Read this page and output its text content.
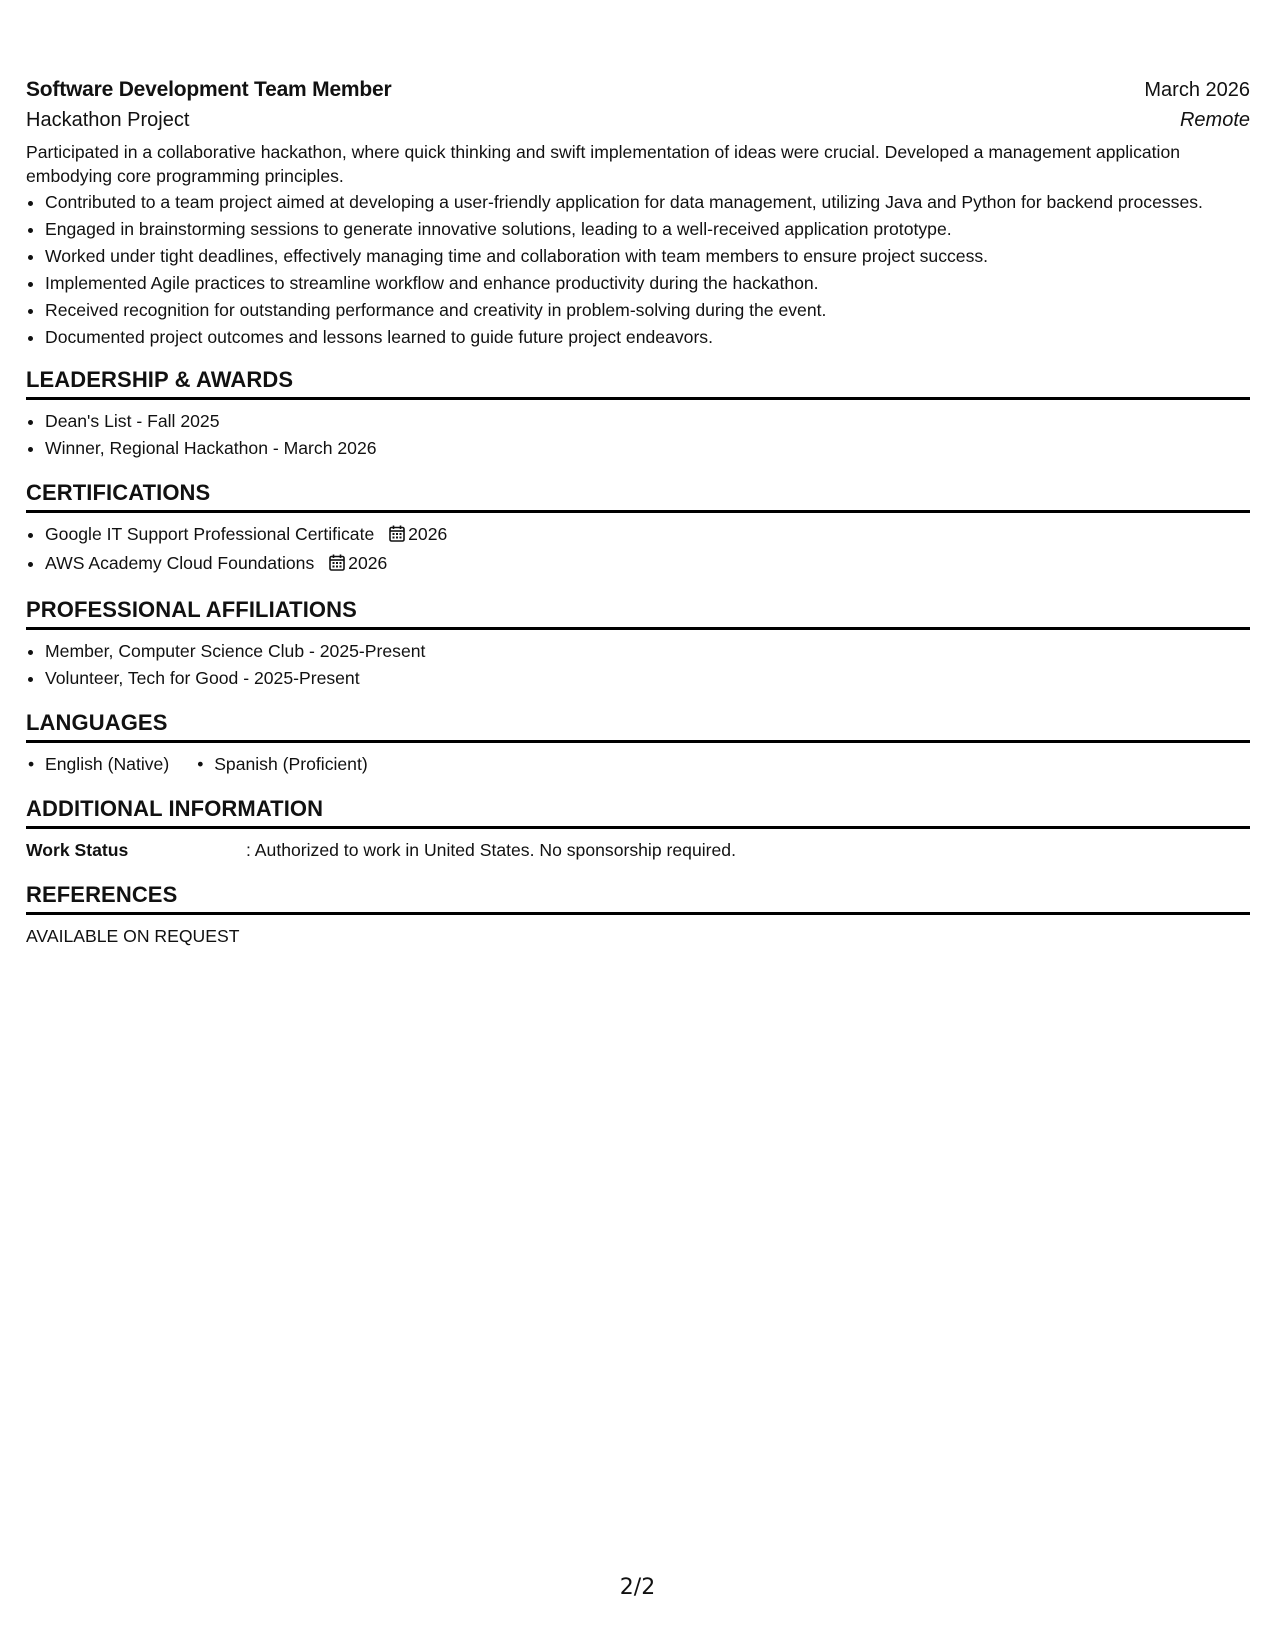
Software Development Team Member	March 2026
Hackathon Project	Remote
Participated in a collaborative hackathon, where quick thinking and swift implementation of ideas were crucial. Developed a management application embodying core programming principles.
• Contributed to a team project aimed at developing a user-friendly application for data management, utilizing Java and Python for backend processes.
• Engaged in brainstorming sessions to generate innovative solutions, leading to a well-received application prototype.
• Worked under tight deadlines, effectively managing time and collaboration with team members to ensure project success.
• Implemented Agile practices to streamline workflow and enhance productivity during the hackathon.
• Received recognition for outstanding performance and creativity in problem-solving during the event.
• Documented project outcomes and lessons learned to guide future project endeavors.
LEADERSHIP & AWARDS
• Dean's List - Fall 2025
• Winner, Regional Hackathon - March 2026
CERTIFICATIONS
• Google IT Support Professional Certificate 2026
• AWS Academy Cloud Foundations 2026
PROFESSIONAL AFFILIATIONS
• Member, Computer Science Club - 2025-Present
• Volunteer, Tech for Good - 2025-Present
LANGUAGES
• English (Native)
•	Spanish (Proficient)
ADDITIONAL INFORMATION
Work Status	: Authorized to work in United States. No sponsorship required.
REFERENCES
AVAILABLE ON REQUEST
2/2
